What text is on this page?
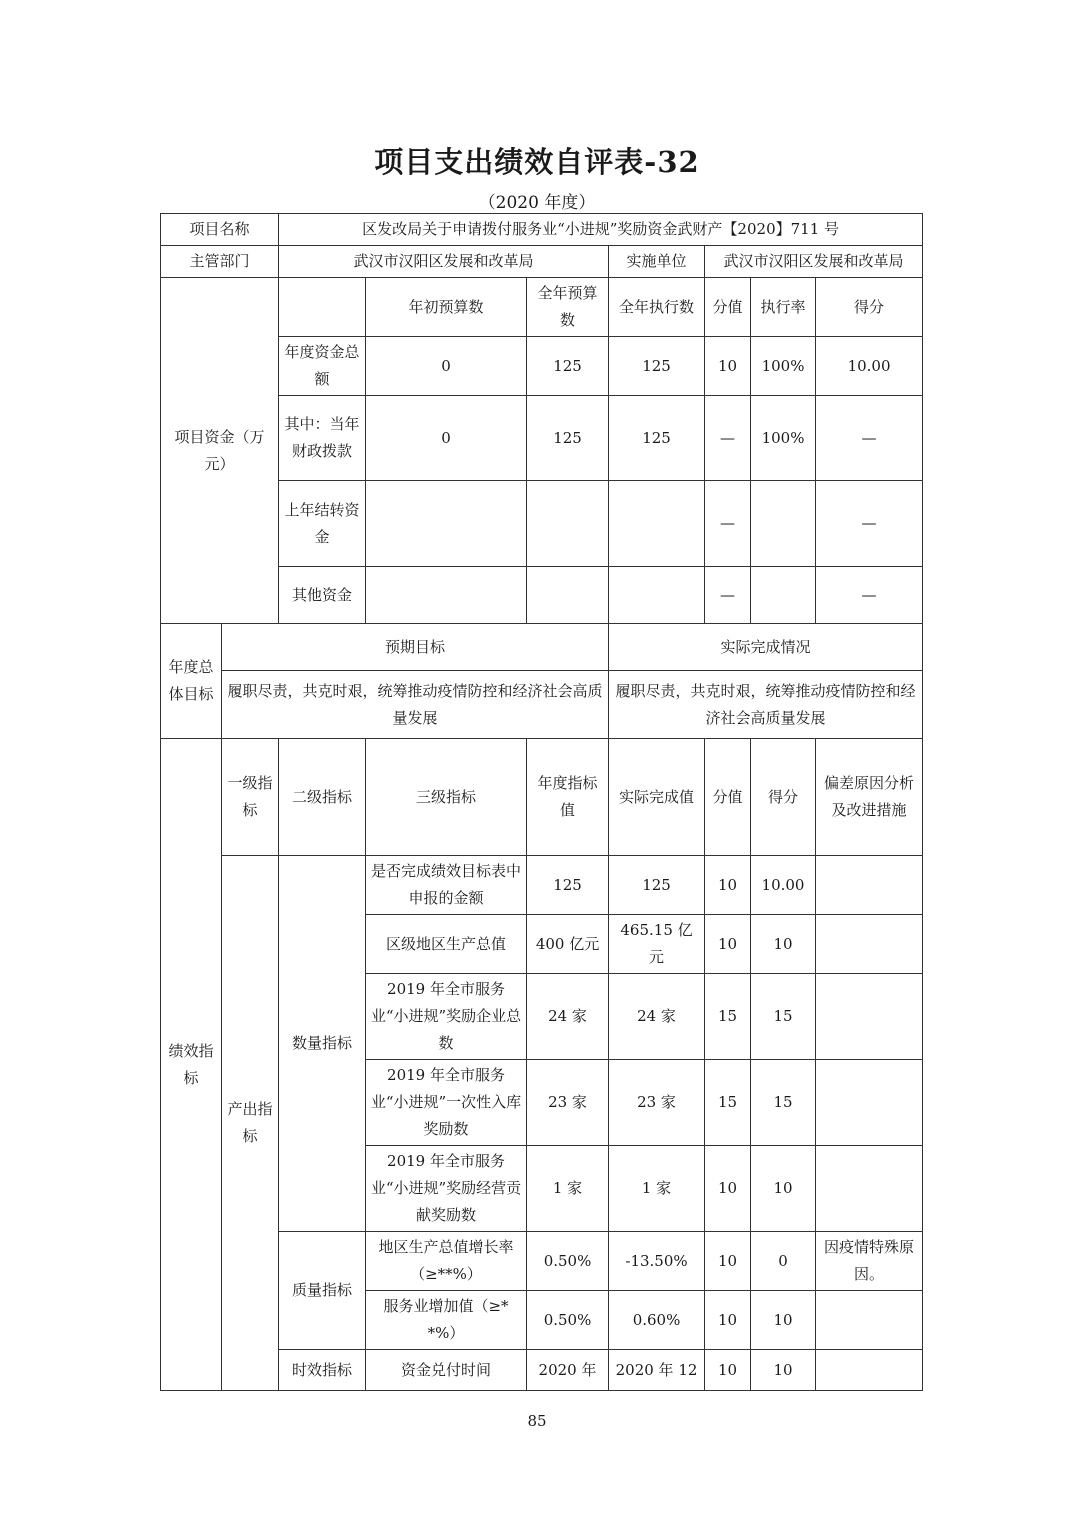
项目支出绩效自评表-32
（2020 年度）
项目名称		区发改局关于申请拨付服务业“小进规”奖励资金武财产【2020】711 号						
主管部门		武汉市汉阳区发展和改革局			实施单位	武汉市汉阳区发展和改革局		
项目资金（万元）			年初预算数	全年预算数	全年执行数	分值	执行率	得分
		年度资金总额	0	125	125	10	100%	10.00
		其中：当年财政拨款	0	125	125	—	100%	—
		上年结转资金				—		—
		其他资金				—		—
年度总体目标	预期目标				实际完成情况			
	履职尽责，共克时艰，统筹推动疫情防控和经济社会高质量发展				履职尽责，共克时艰，统筹推动疫情防控和经济社会高质量发展			
绩效指标	一级指标	二级指标	三级指标	年度指标值	实际完成值	分值	得分	偏差原因分析及改进措施
	产出指标	数量指标	是否完成绩效目标表中申报的金额	125	125	10	10.00	
			区级地区生产总值	400 亿元	465.15 亿元	10	10	
			2019 年全市服务业“小进规”奖励企业总数	24 家	24 家	15	15	
			2019 年全市服务业“小进规”一次性入库奖励数	23 家	23 家	15	15	
			2019 年全市服务业“小进规”奖励经营贡献奖励数	1 家	1 家	10	10	
		质量指标	地区生产总值增长率（≥**%）	0.50%	-13.50%	10	0	因疫情特殊原因。
			服务业增加值（≥**%）	0.50%	0.60%	10	10	
		时效指标	资金兑付时间	2020 年	2020 年 12	10	10	
85
